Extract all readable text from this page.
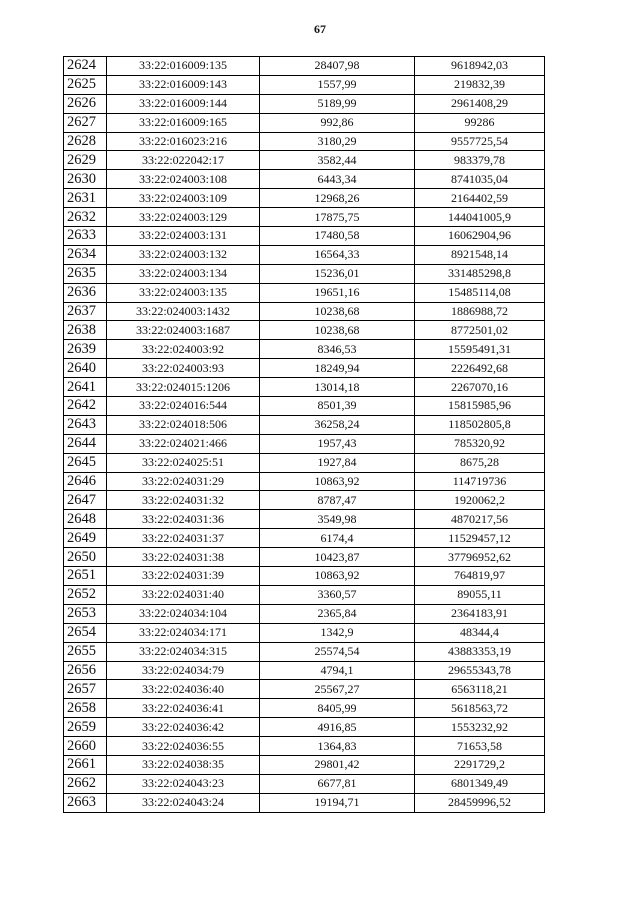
67
2624	33:22:016009:135	28407,98	9618942,03
2625	33:22:016009:143	1557,99	219832,39
2626	33:22:016009:144	5189,99	2961408,29
2627	33:22:016009:165	992,86	99286
2628	33:22:016023:216	3180,29	9557725,54
2629	33:22:022042:17	3582,44	983379,78
2630	33:22:024003:108	6443,34	8741035,04
2631	33:22:024003:109	12968,26	2164402,59
2632	33:22:024003:129	17875,75	144041005,9
2633	33:22:024003:131	17480,58	16062904,96
2634	33:22:024003:132	16564,33	8921548,14
2635	33:22:024003:134	15236,01	331485298,8
2636	33:22:024003:135	19651,16	15485114,08
2637	33:22:024003:1432	10238,68	1886988,72
2638	33:22:024003:1687	10238,68	8772501,02
2639	33:22:024003:92	8346,53	15595491,31
2640	33:22:024003:93	18249,94	2226492,68
2641	33:22:024015:1206	13014,18	2267070,16
2642	33:22:024016:544	8501,39	15815985,96
2643	33:22:024018:506	36258,24	118502805,8
2644	33:22:024021:466	1957,43	785320,92
2645	33:22:024025:51	1927,84	8675,28
2646	33:22:024031:29	10863,92	114719736
2647	33:22:024031:32	8787,47	1920062,2
2648	33:22:024031:36	3549,98	4870217,56
2649	33:22:024031:37	6174,4	11529457,12
2650	33:22:024031:38	10423,87	37796952,62
2651	33:22:024031:39	10863,92	764819,97
2652	33:22:024031:40	3360,57	89055,11
2653	33:22:024034:104	2365,84	2364183,91
2654	33:22:024034:171	1342,9	48344,4
2655	33:22:024034:315	25574,54	43883353,19
2656	33:22:024034:79	4794,1	29655343,78
2657	33:22:024036:40	25567,27	6563118,21
2658	33:22:024036:41	8405,99	5618563,72
2659	33:22:024036:42	4916,85	1553232,92
2660	33:22:024036:55	1364,83	71653,58
2661	33:22:024038:35	29801,42	2291729,2
2662	33:22:024043:23	6677,81	6801349,49
2663	33:22:024043:24	19194,71	28459996,52
